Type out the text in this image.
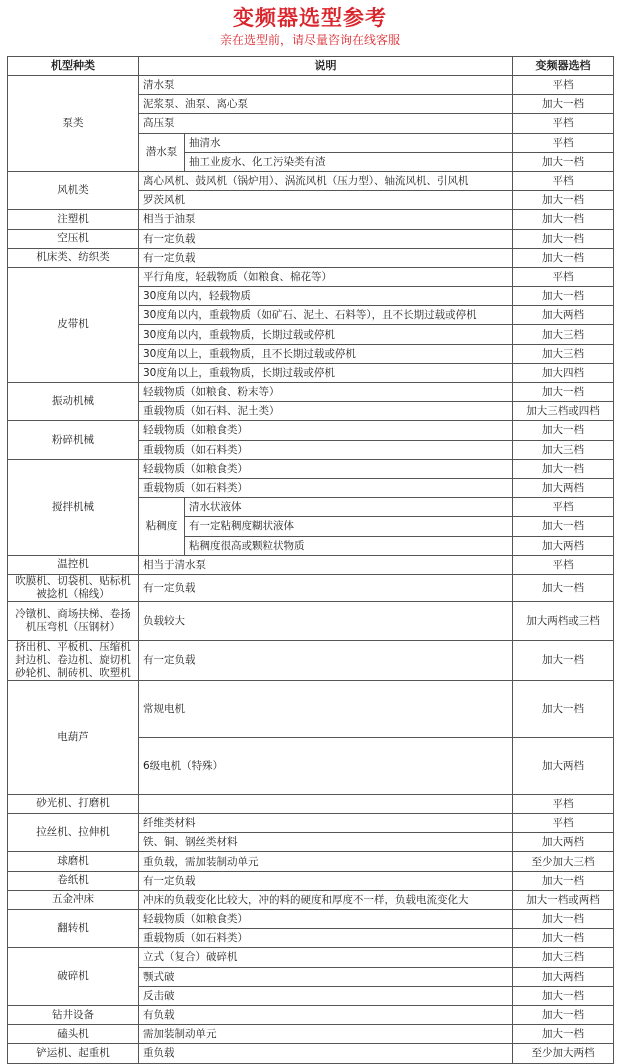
变频器选型参考
亲在选型前，请尽量咨询在线客服
机型种类	说明		变频器选档
泵类	清水泵		平档
	泥浆泵、油泵、离心泵		加大一档
	高压泵		平档
	潜水泵	抽清水	平档
		抽工业废水、化工污染类有渣	加大一档
风机类	离心风机、鼓风机（锅炉用）、涡流风机（压力型）、轴流风机、引风机		平档
	罗茨风机		加大一档
注塑机	相当于油泵		加大一档
空压机	有一定负载		加大一档
机床类、纺织类	有一定负载		加大一档
皮带机	平行角度，轻载物质（如粮食、棉花等）		平档
	30度角以内，轻载物质		加大一档
	30度角以内，重载物质（如矿石、泥土、石料等），且不长期过载或停机		加大两档
	30度角以内，重载物质，长期过载或停机		加大三档
	30度角以上，重载物质，且不长期过载或停机		加大三档
	30度角以上，重载物质，长期过载或停机		加大四档
振动机械	轻载物质（如粮食、粉末等）		加大一档
	重载物质（如石料、泥土类）		加大三档或四档
粉碎机械	轻载物质（如粮食类）		加大一档
	重载物质（如石料类）		加大三档
搅拌机械	轻载物质（如粮食类）		加大一档
	重载物质（如石料类）		加大两档
	粘稠度	清水状液体	平档
		有一定粘稠度糊状液体	加大一档
		粘稠度很高或颗粒状物质	加大两档
温控机	相当于清水泵		平档
吹膜机、切袋机、贴标机被捻机（棉线）	有一定负载		加大一档
冷镦机、商场扶梯、卷扬机压弯机（压钢材）	负载较大		加大两档或三档
挤出机、平板机、压缩机封边机、卷边机、旋切机砂轮机、制砖机、吹塑机	有一定负载		加大一档
电葫芦	常规电机		加大一档
	6级电机（特殊）		加大两档
砂光机、打磨机			平档
拉丝机、拉伸机	纤维类材料		平档
	铁、铜、钢丝类材料		加大两档
球磨机	重负载，需加装制动单元		至少加大三档
卷纸机	有一定负载		加大一档
五金冲床	冲床的负载变化比较大，冲的料的硬度和厚度不一样，负载电流变化大		加大一档或两档
翻转机	轻载物质（如粮食类）		加大一档
	重载物质（如石料类）		加大一档
破碎机	立式（复合）破碎机		加大三档
	颚式破		加大两档
	反击破		加大一档
钻井设备	有负载		加大一档
磕头机	需加装制动单元		加大一档
铲运机、起重机	重负载		至少加大两档
